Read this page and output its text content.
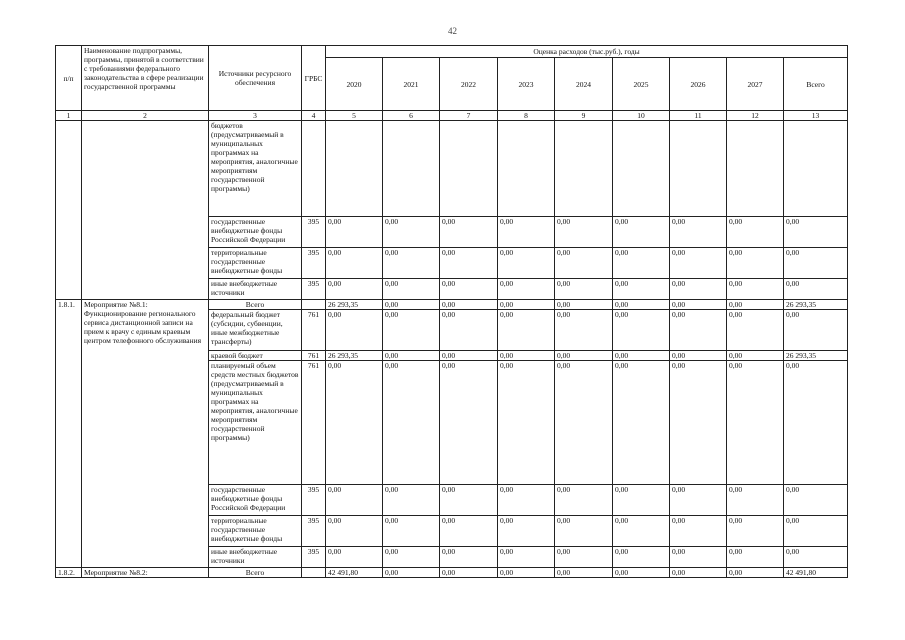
42
п/п	Наименование подпрограммы, программы, принятой в соответствии с требованиями федерального законодательства в сфере реализации государственной программы	Источники ресурсного обеспечения	ГРБС	Оценка расходов (тыс.руб.), годы								
				2020	2021	2022	2023	2024	2025	2026	2027	Всего
1	2	3	4	5	6	7	8	9	10	11	12	13
		бюджетов (предусматриваемый в муниципальных программах на мероприятия, аналогичные мероприятиям государственной программы)										
		государственные внебюджетные фонды Российской Федерации	395	0,00	0,00	0,00	0,00	0,00	0,00	0,00	0,00	0,00
		территориальные государственные внебюджетные фонды	395	0,00	0,00	0,00	0,00	0,00	0,00	0,00	0,00	0,00
		иные внебюджетные источники	395	0,00	0,00	0,00	0,00	0,00	0,00	0,00	0,00	0,00
1.8.1.	Мероприятие №8.1: Функционирование регионального сервиса дистанционной записи на прием к врачу с единым краевым центром телефонного обслуживания	Всего		26 293,35	0,00	0,00	0,00	0,00	0,00	0,00	0,00	26 293,35
		федеральный бюджет (субсидии, субвенции, иные межбюджетные трансферты)	761	0,00	0,00	0,00	0,00	0,00	0,00	0,00	0,00	0,00
		краевой бюджет	761	26 293,35	0,00	0,00	0,00	0,00	0,00	0,00	0,00	26 293,35
		планируемый объем средств местных бюджетов (предусматриваемый в муниципальных программах на мероприятия, аналогичные мероприятиям государственной программы)	761	0,00	0,00	0,00	0,00	0,00	0,00	0,00	0,00	0,00
		государственные внебюджетные фонды Российской Федерации	395	0,00	0,00	0,00	0,00	0,00	0,00	0,00	0,00	0,00
		территориальные государственные внебюджетные фонды	395	0,00	0,00	0,00	0,00	0,00	0,00	0,00	0,00	0,00
		иные внебюджетные источники	395	0,00	0,00	0,00	0,00	0,00	0,00	0,00	0,00	0,00
1.8.2.	Мероприятие №8.2:	Всего		42 491,80	0,00	0,00	0,00	0,00	0,00	0,00	0,00	42 491,80
